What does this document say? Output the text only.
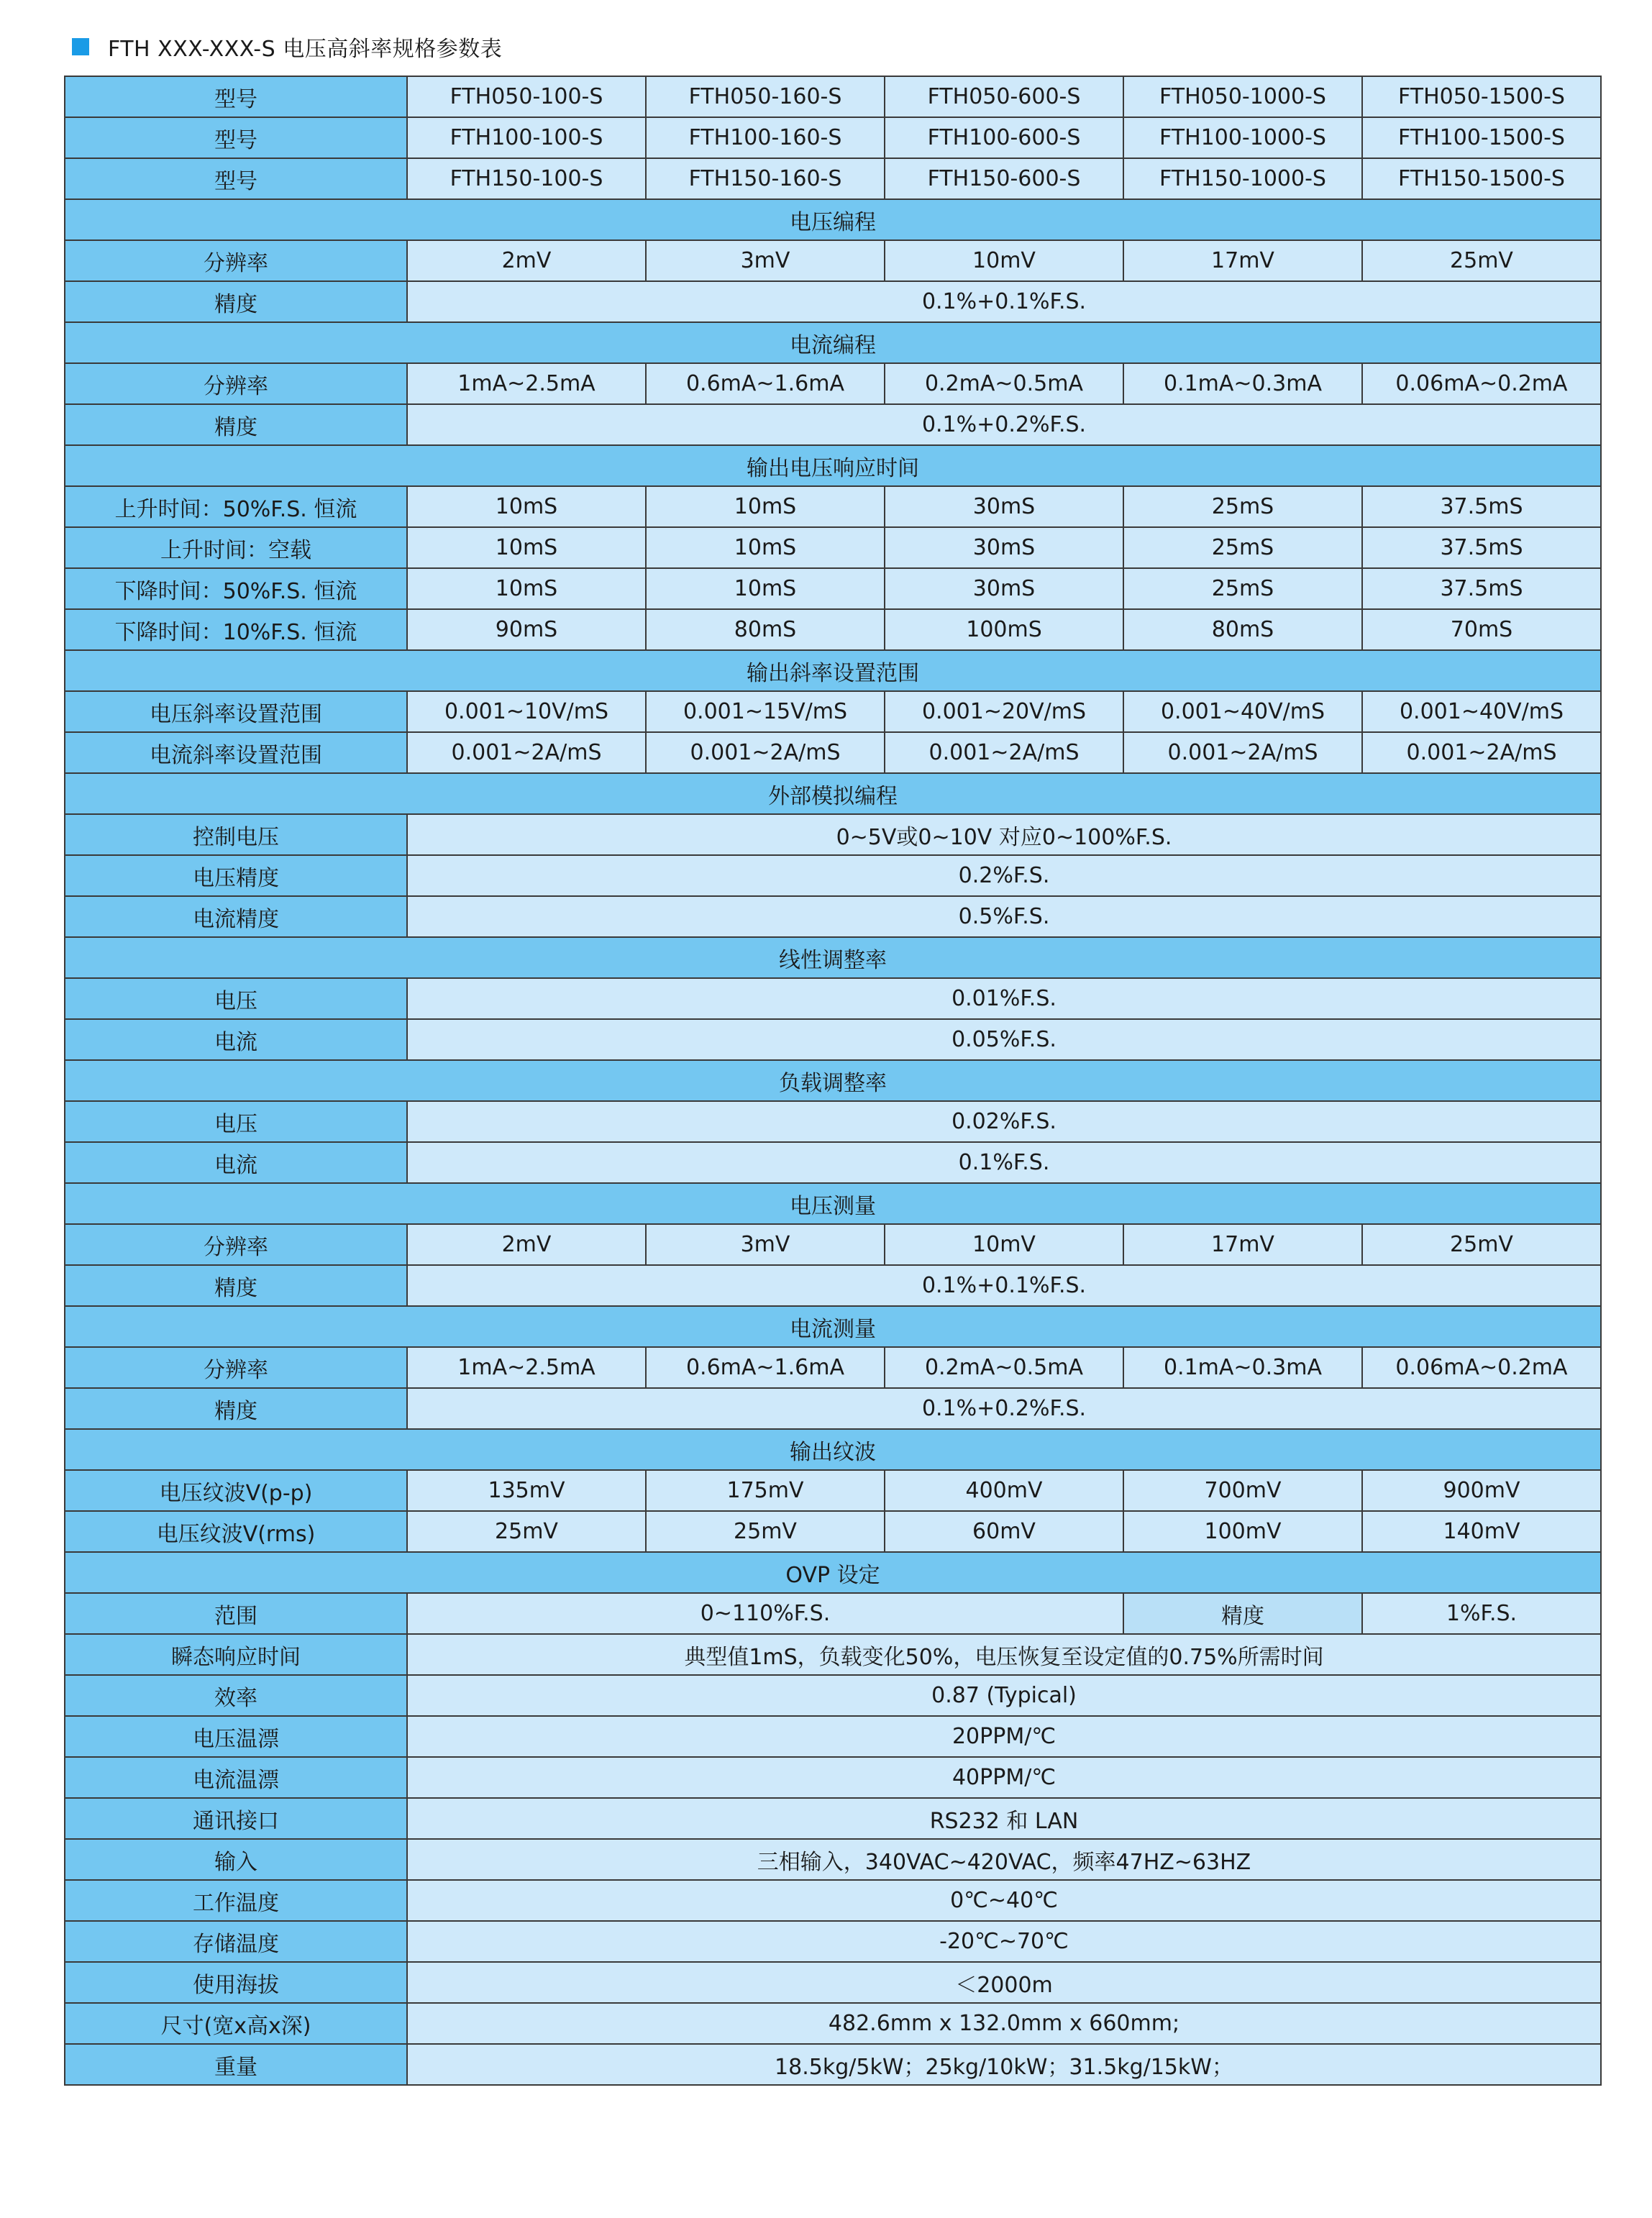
FTH XXX-XXX-S 电压高斜率规格参数表
型号	FTH050-100-S	FTH050-160-S	FTH050-600-S	FTH050-1000-S	FTH050-1500-S
型号	FTH100-100-S	FTH100-160-S	FTH100-600-S	FTH100-1000-S	FTH100-1500-S
型号	FTH150-100-S	FTH150-160-S	FTH150-600-S	FTH150-1000-S	FTH150-1500-S
电压编程					
分辨率	2mV	3mV	10mV	17mV	25mV
精度	0.1%+0.1%F.S.				
电流编程					
分辨率	1mA~2.5mA	0.6mA~1.6mA	0.2mA~0.5mA	0.1mA~0.3mA	0.06mA~0.2mA
精度	0.1%+0.2%F.S.				
输出电压响应时间					
上升时间：50%F.S. 恒流	10mS	10mS	30mS	25mS	37.5mS
上升时间：空载	10mS	10mS	30mS	25mS	37.5mS
下降时间：50%F.S. 恒流	10mS	10mS	30mS	25mS	37.5mS
下降时间：10%F.S. 恒流	90mS	80mS	100mS	80mS	70mS
输出斜率设置范围					
电压斜率设置范围	0.001~10V/mS	0.001~15V/mS	0.001~20V/mS	0.001~40V/mS	0.001~40V/mS
电流斜率设置范围	0.001~2A/mS	0.001~2A/mS	0.001~2A/mS	0.001~2A/mS	0.001~2A/mS
外部模拟编程					
控制电压	0~5V或0~10V 对应0~100%F.S.				
电压精度	0.2%F.S.				
电流精度	0.5%F.S.				
线性调整率					
电压	0.01%F.S.				
电流	0.05%F.S.				
负载调整率					
电压	0.02%F.S.				
电流	0.1%F.S.				
电压测量					
分辨率	2mV	3mV	10mV	17mV	25mV
精度	0.1%+0.1%F.S.				
电流测量					
分辨率	1mA~2.5mA	0.6mA~1.6mA	0.2mA~0.5mA	0.1mA~0.3mA	0.06mA~0.2mA
精度	0.1%+0.2%F.S.				
输出纹波					
电压纹波V(p-p)	135mV	175mV	400mV	700mV	900mV
电压纹波V(rms)	25mV	25mV	60mV	100mV	140mV
OVP 设定					
范围	0~110%F.S.			精度	1%F.S.
瞬态响应时间	典型值1mS，负载变化50%，电压恢复至设定值的0.75%所需时间				
效率	0.87 (Typical)				
电压温漂	20PPM/℃				
电流温漂	40PPM/℃				
通讯接口	RS232 和 LAN				
输入	三相输入，340VAC~420VAC，频率47HZ~63HZ				
工作温度	0℃~40℃				
存储温度	-20℃~70℃				
使用海拔	＜2000m				
尺寸(宽x高x深)	482.6mm x 132.0mm x 660mm;				
重量	18.5kg/5kW；25kg/10kW；31.5kg/15kW；				
